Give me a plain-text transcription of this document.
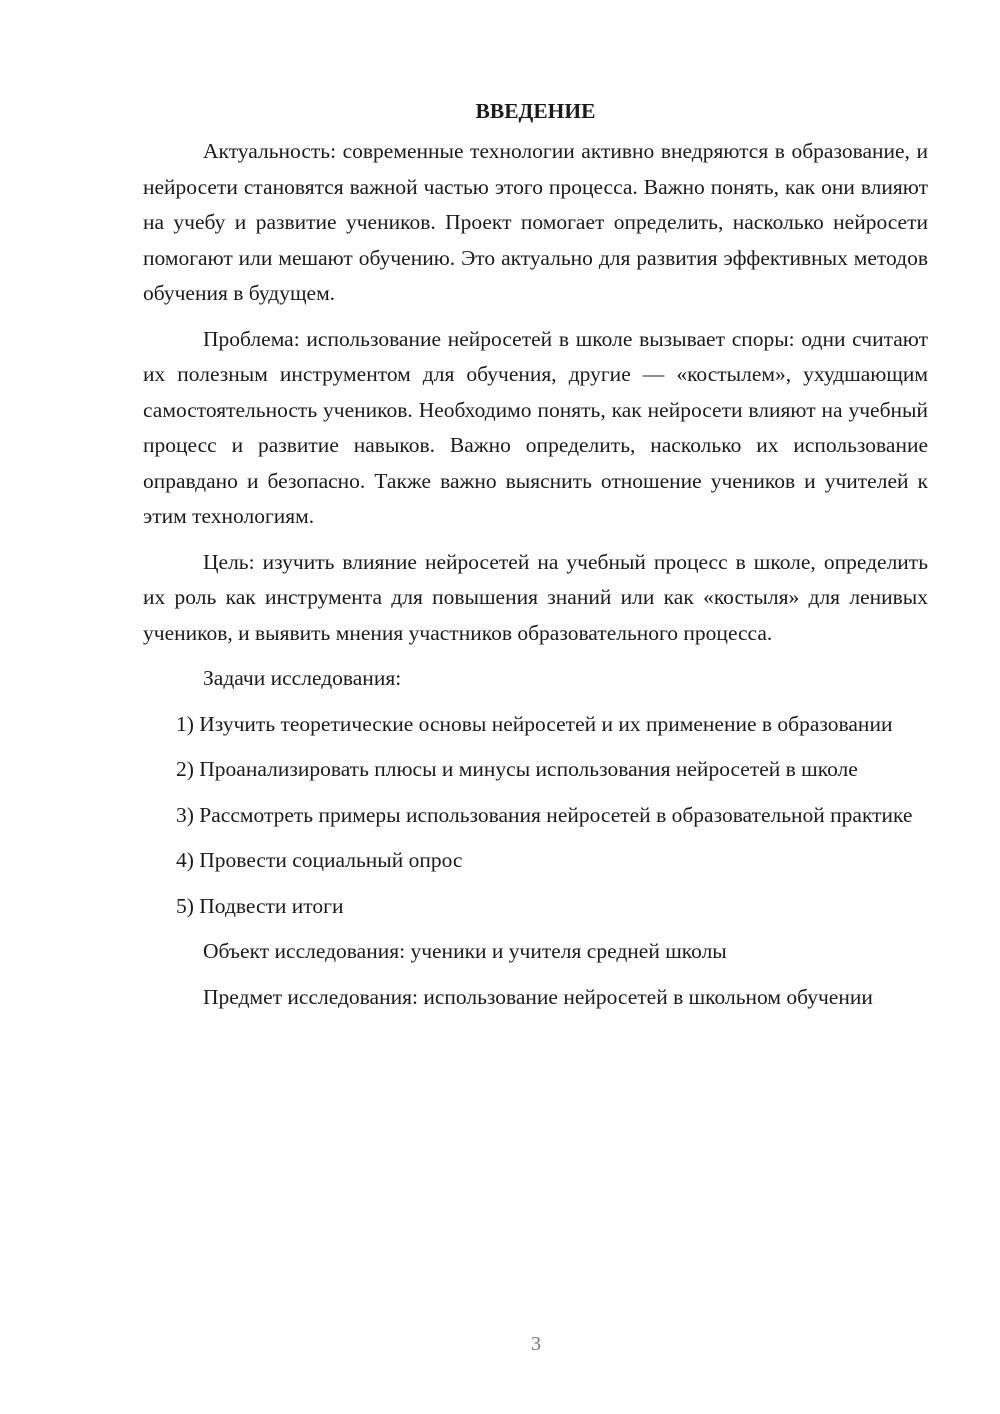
ВВЕДЕНИЕ

Актуальность: современные технологии активно внедряются в образование, и нейросети становятся важной частью этого процесса. Важно понять, как они влияют на учебу и развитие учеников. Проект помогает определить, насколько нейросети помогают или мешают обучению. Это актуально для развития эффективных методов обучения в будущем.

Проблема: использование нейросетей в школе вызывает споры: одни считают их полезным инструментом для обучения, другие — «костылем», ухудшающим самостоятельность учеников. Необходимо понять, как нейросети влияют на учебный процесс и развитие навыков. Важно определить, насколько их использование оправдано и безопасно. Также важно выяснить отношение учеников и учителей к этим технологиям.

Цель: изучить влияние нейросетей на учебный процесс в школе, определить их роль как инструмента для повышения знаний или как «костыля» для ленивых учеников, и выявить мнения участников образовательного процесса.

Задачи исследования:

1) Изучить теоретические основы нейросетей и их применение в образовании

2) Проанализировать плюсы и минусы использования нейросетей в школе

3) Рассмотреть примеры использования нейросетей в образовательной практике

4) Провести социальный опрос

5) Подвести итоги

Объект исследования: ученики и учителя средней школы

Предмет исследования: использование нейросетей в школьном обучении

3
